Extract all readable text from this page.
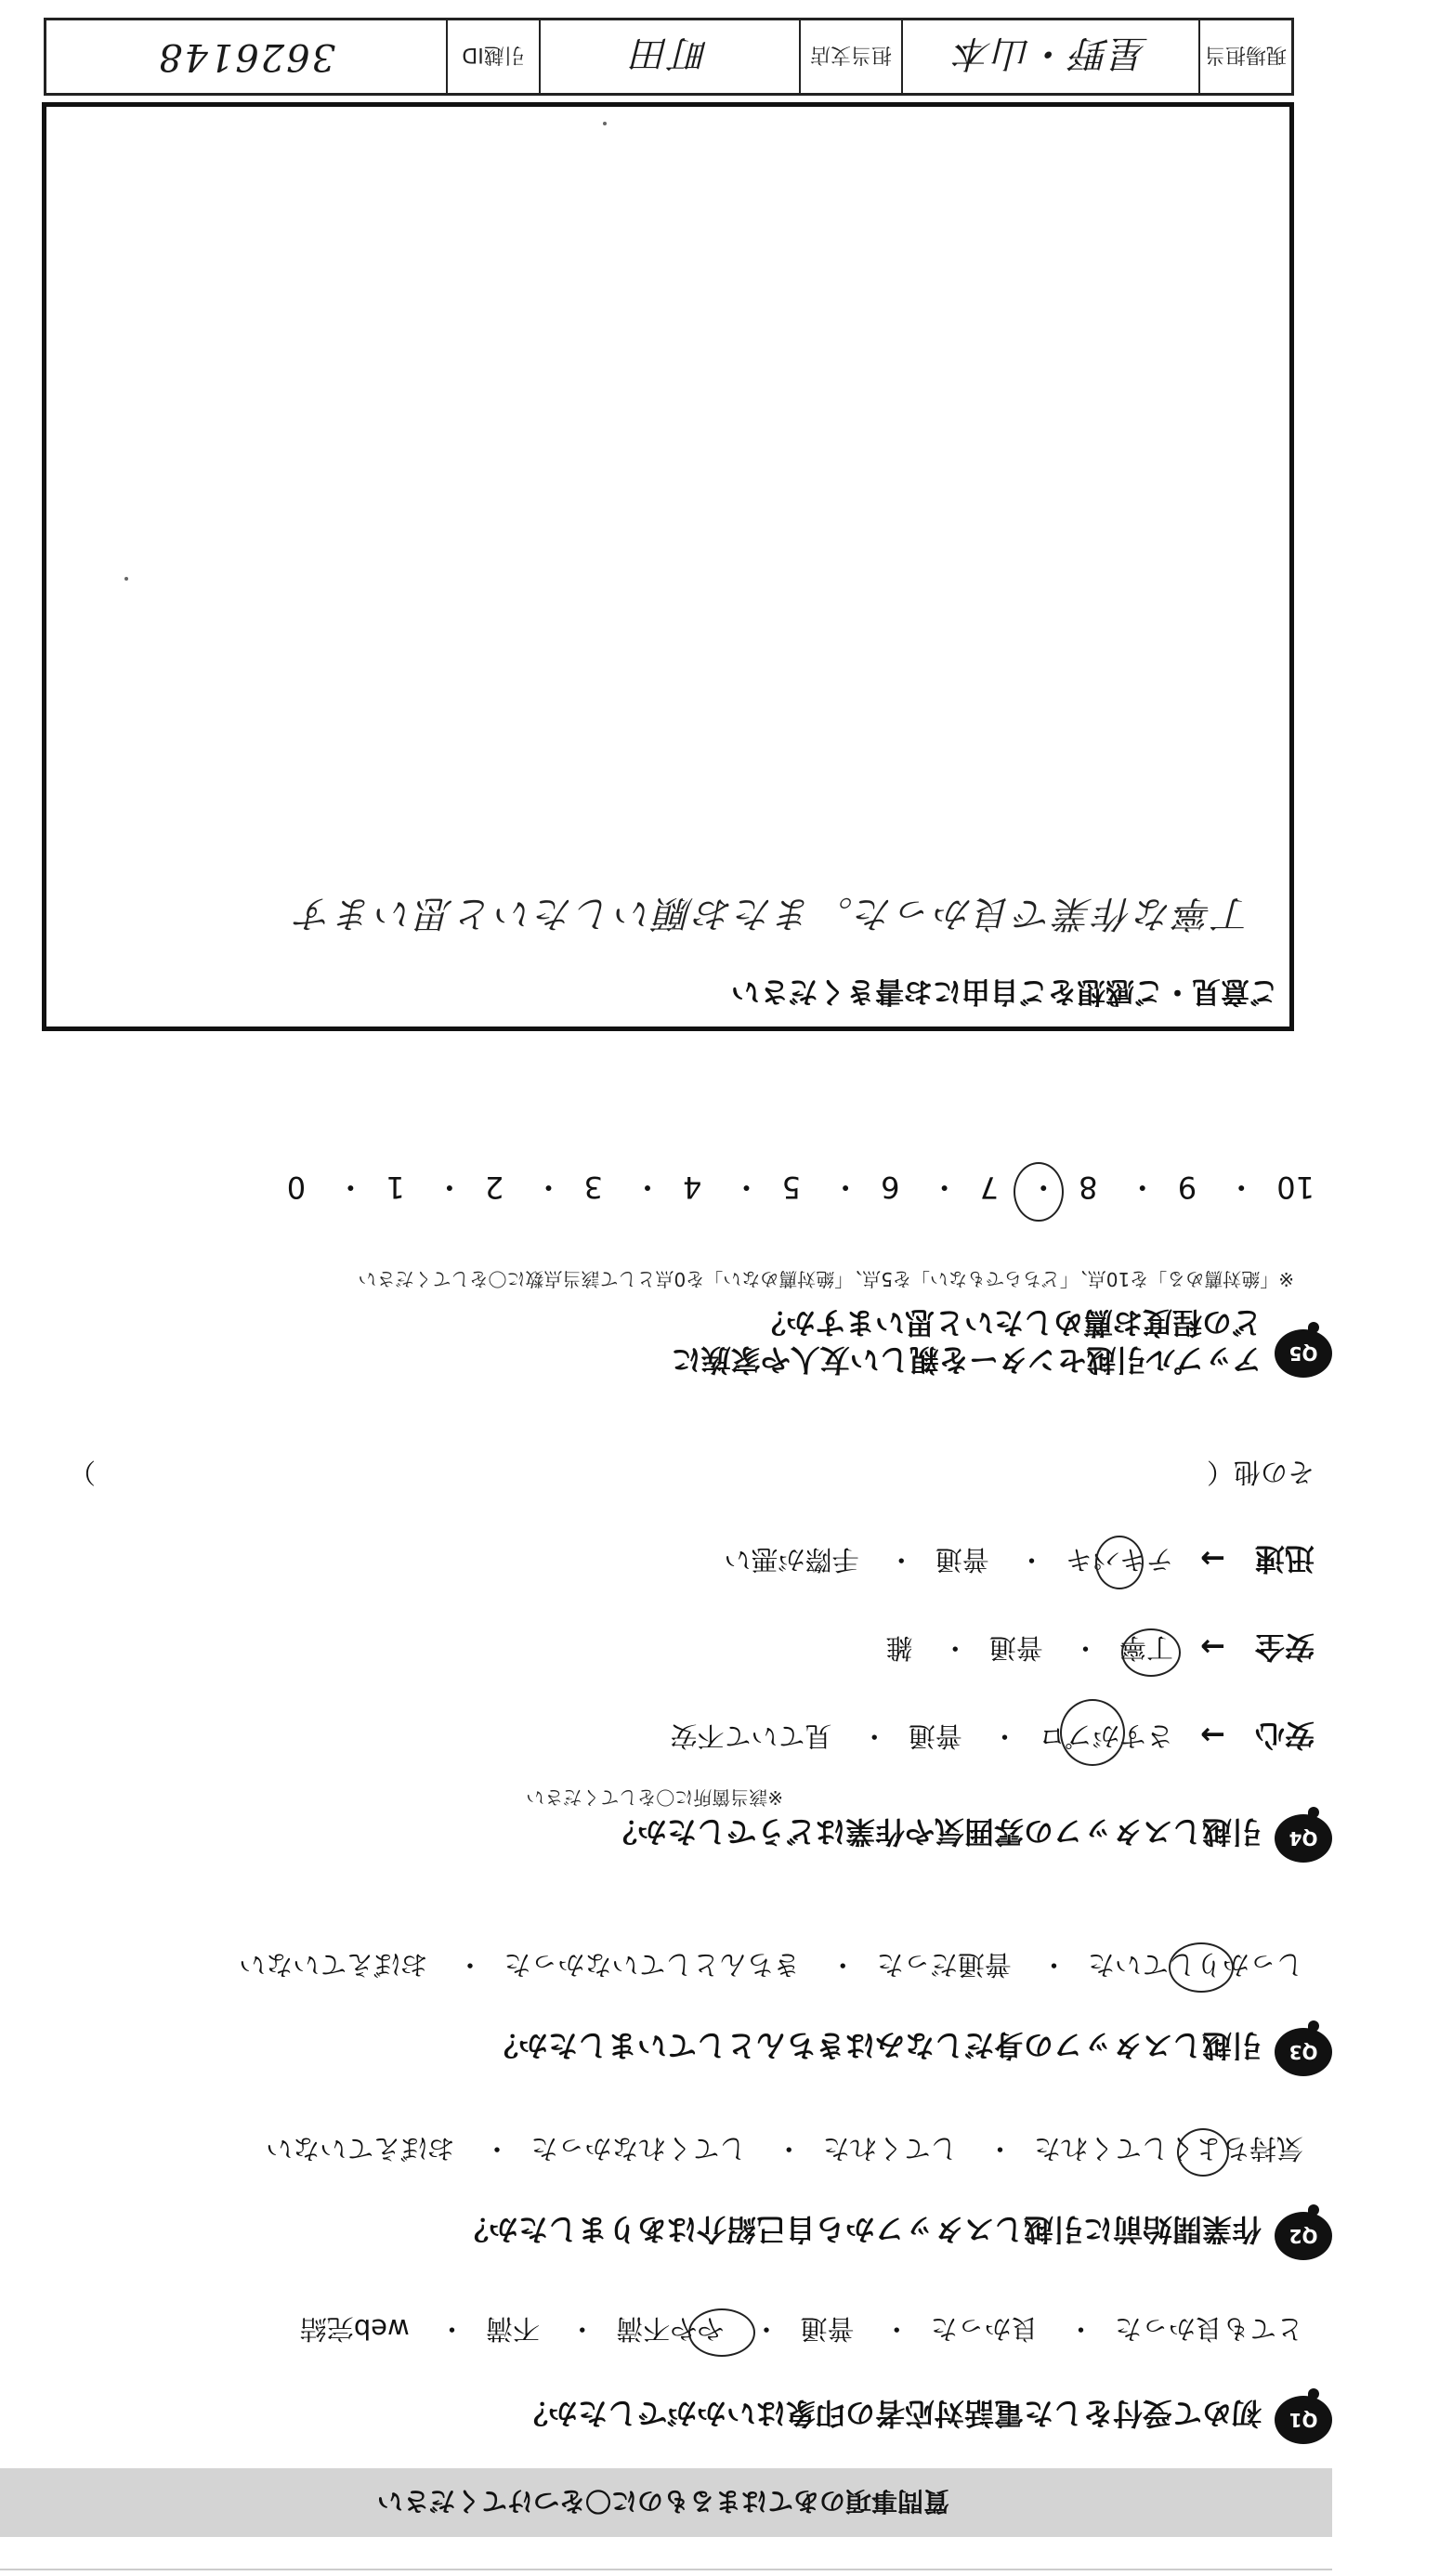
質問事項のあてはまるものに〇をつけてください
Q1
初めて受付をした電話対応者の印象はいかがでしたか？
とても良かった・ 良かった・ 普通・ やや不満・ 不満・ web完結
Q2
作業開始前に引越しスタッフから自己紹介はありましたか？
気持ちよくしてくれた・ してくれた・ してくれなかった・ おぼえていない
Q3
引越しスタッフの身だしなみはきちんとしていましたか？
しっかりしていた・ 普通だった・ きちんとしていなかった・ おぼえていない
Q4
引越しスタッフの雰囲気や作業はどうでしたか？
※該当箇所に〇をしてください
安心　→
さすがプロ・ 普通・ 見ていて不安
安全　→
丁寧・ 普通・ 雑
迅速　→
テキパキ・ 普通・ 手際が悪い
その他（
）
Q5
アップル引越センターを親しい友人や家族に
どの程度お薦めしたいと思いますか？
※「絶対薦める」を10点、「どちらでもない」を5点、「絶対薦めない」を0点として該当点数に〇をしてください
10・ 9・ 8・ 7・ 6・ 5・ 4・ 3・ 2・ 1・ 0
ご意見・ご感想をご自由にお書きください
丁寧な作業で良かった。またお願いしたいと思います
現場担当
星野・山本
担当支店
町田
引越ID
3626148
